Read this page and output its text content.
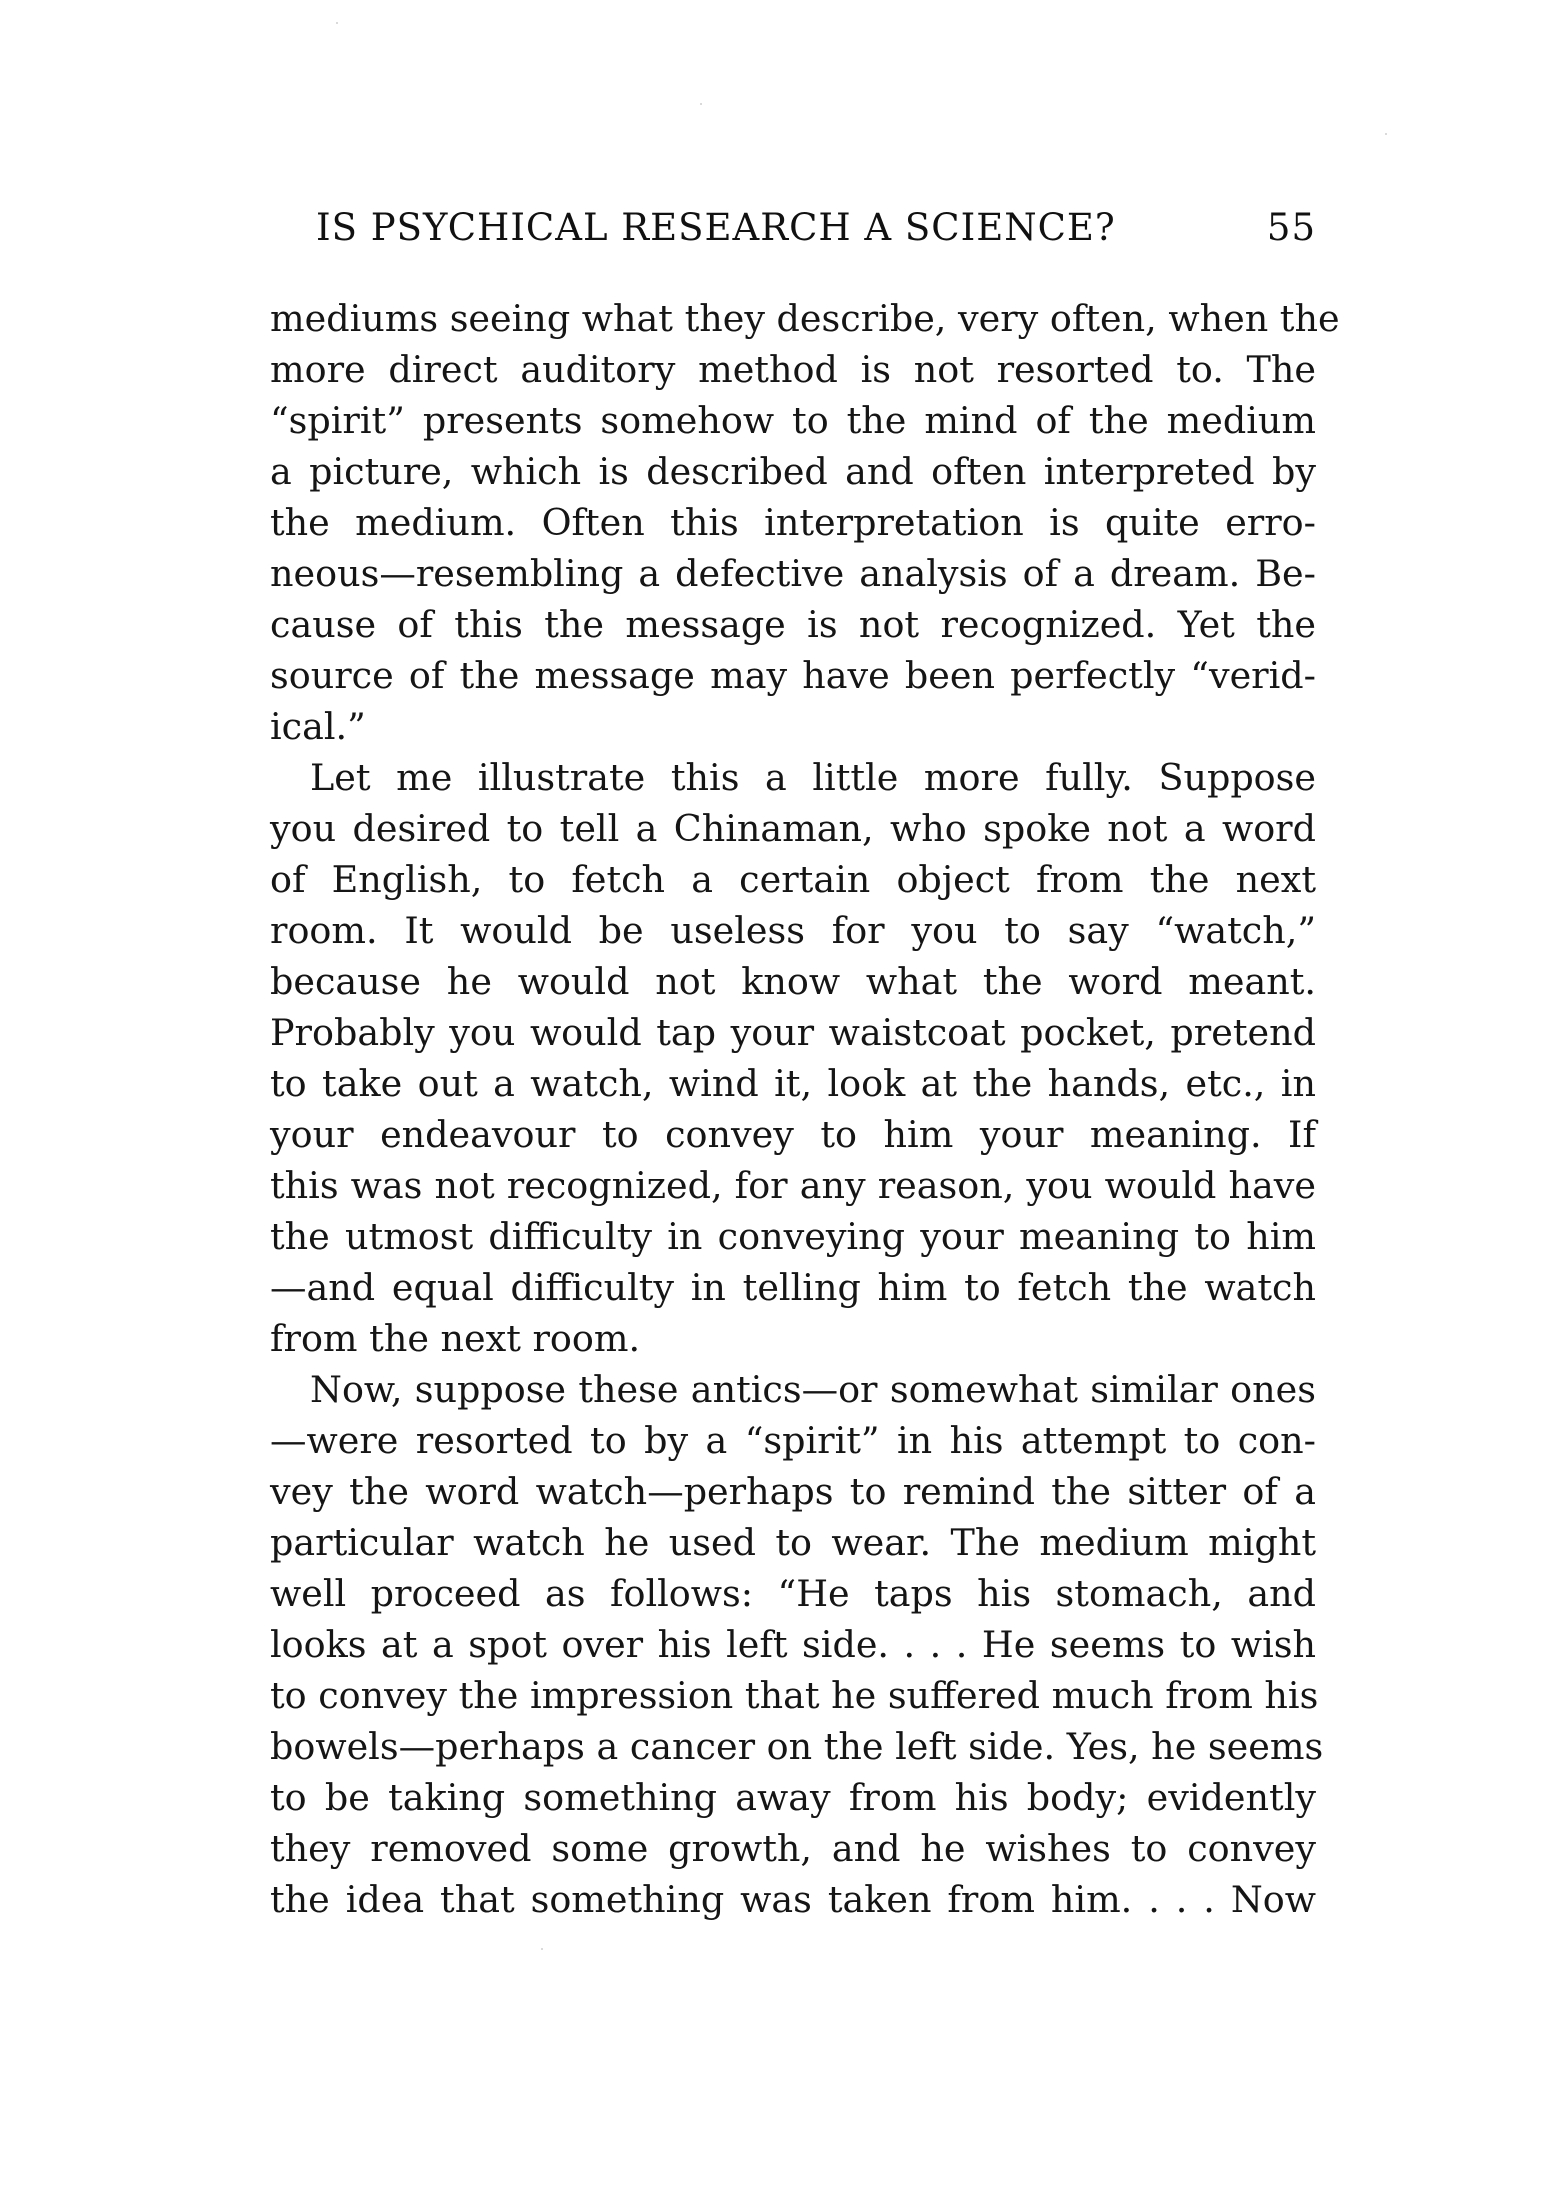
IS PSYCHICAL RESEARCH A SCIENCE?	55
mediums seeing what they describe, very often, when the
more direct auditory method is not resorted to. The
“spirit” presents somehow to the mind of the medium
a picture, which is described and often interpreted by
the medium. Often this interpretation is quite erro-
neous—resembling a defective analysis of a dream. Be-
cause of this the message is not recognized. Yet the
source of the message may have been perfectly “verid-
ical.”
Let me illustrate this a little more fully. Suppose
you desired to tell a Chinaman, who spoke not a word
of English, to fetch a certain object from the next
room. It would be useless for you to say “watch,”
because he would not know what the word meant.
Probably you would tap your waistcoat pocket, pretend
to take out a watch, wind it, look at the hands, etc., in
your endeavour to convey to him your meaning. If
this was not recognized, for any reason, you would have
the utmost difficulty in conveying your meaning to him
—and equal difficulty in telling him to fetch the watch
from the next room.
Now, suppose these antics—or somewhat similar ones
—were resorted to by a “spirit” in his attempt to con-
vey the word watch—perhaps to remind the sitter of a
particular watch he used to wear. The medium might
well proceed as follows: “He taps his stomach, and
looks at a spot over his left side. . . . He seems to wish
to convey the impression that he suffered much from his
bowels—perhaps a cancer on the left side. Yes, he seems
to be taking something away from his body; evidently
they removed some growth, and he wishes to convey
the idea that something was taken from him. . . . Now
